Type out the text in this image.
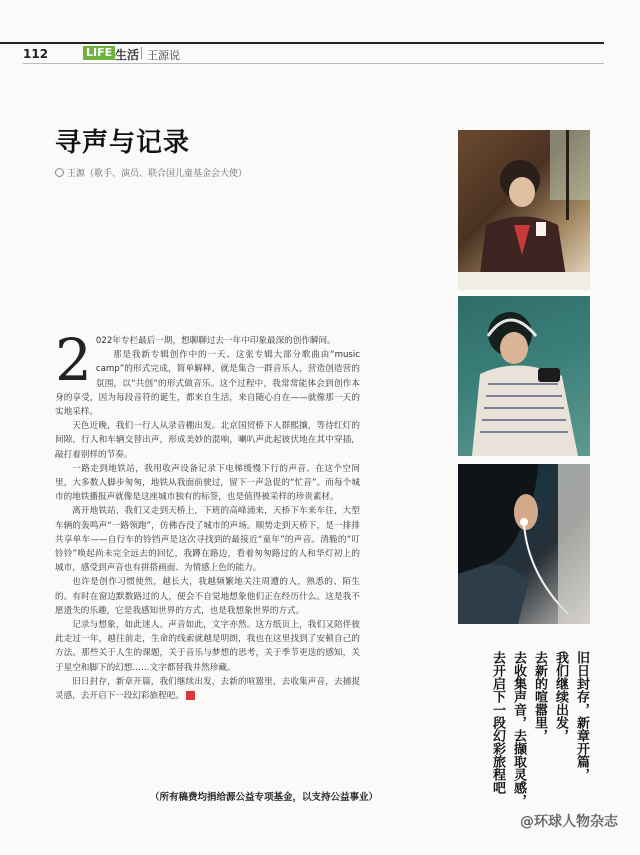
112	LIFE 生活 王源说
寻声与记录
王源（歌手、演员、联合国儿童基金会大使）
2 022年专栏最后一期，想聊聊过去一年中印象最深的创作瞬间。

那是我新专辑创作中的一天。这张专辑大部分歌曲由“music camp”的形式完成，简单解释，就是集合一群音乐人，营造创造营的氛围，以“共创”的形式做音乐。这个过程中，我常常能体会到创作本身的享受，因为每段音符的诞生，都来自生活，来自随心自在——就像那一天的实地采样。

天色近晚，我们一行人从录音棚出发。北京国贸桥下人群熙攘，等待红灯的间隙，行人和车辆交替出声，形成美妙的混响，喇叭声此起彼伏地在其中穿插，敲打着别样的节奏。

一路走到地铁站，我用收声设备记录下电梯缓慢下行的声音。在这个空间里，大多数人脚步匆匆，地铁从我面前驶过，留下一声急促的“忙音”。而每个城市的地铁播报声就像是这座城市独有的标签，也是值得被采样的珍贵素材。

离开地铁站，我们又走到天桥上，下班的高峰涌来，天桥下车来车往，大型车辆的轰鸣声“一路领跑”，仿佛吞没了城市的声场。顺势走到天桥下，是一排排共享单车——自行车的铃铛声是这次寻找到的最接近“童年”的声音。清脆的“叮铃铃”唤起尚未完全远去的回忆，我蹲在路边，看着匆匆路过的人和华灯初上的城市，感受到声音也有拼搭画面、为情感上色的能力。

也许是创作习惯使然，越长大，我越频繁地关注周遭的人，熟悉的、陌生的。有时在窗边默数路过的人，便会不自觉地想象他们正在经历什么。这是我不愿遗失的乐趣，它是我感知世界的方式，也是我想象世界的方式。

记录与想象，如此迷人。声音如此，文字亦然。这方纸页上，我们又陪伴彼此走过一年，越往前走，生命的线索就越是明朗，我也在这里找到了安顿自己的方法。那些关于人生的课题，关于音乐与梦想的思考，关于季节更迭的感知，关于星空和脚下的幻想……文字都替我井然珍藏。

旧日封存，新章开篇，我们继续出发，去新的喧嚣里，去收集声音，去捕捉灵感，去开启下一段幻彩旅程吧。	G

（所有稿费均捐给源公益专项基金，以支持公益事业）
旧日封存，新章开篇，
我们继续出发，
去新的喧嚣里，
去收集声音，去撷取灵感，
去开启下一段幻彩旅程吧
@环球人物杂志
